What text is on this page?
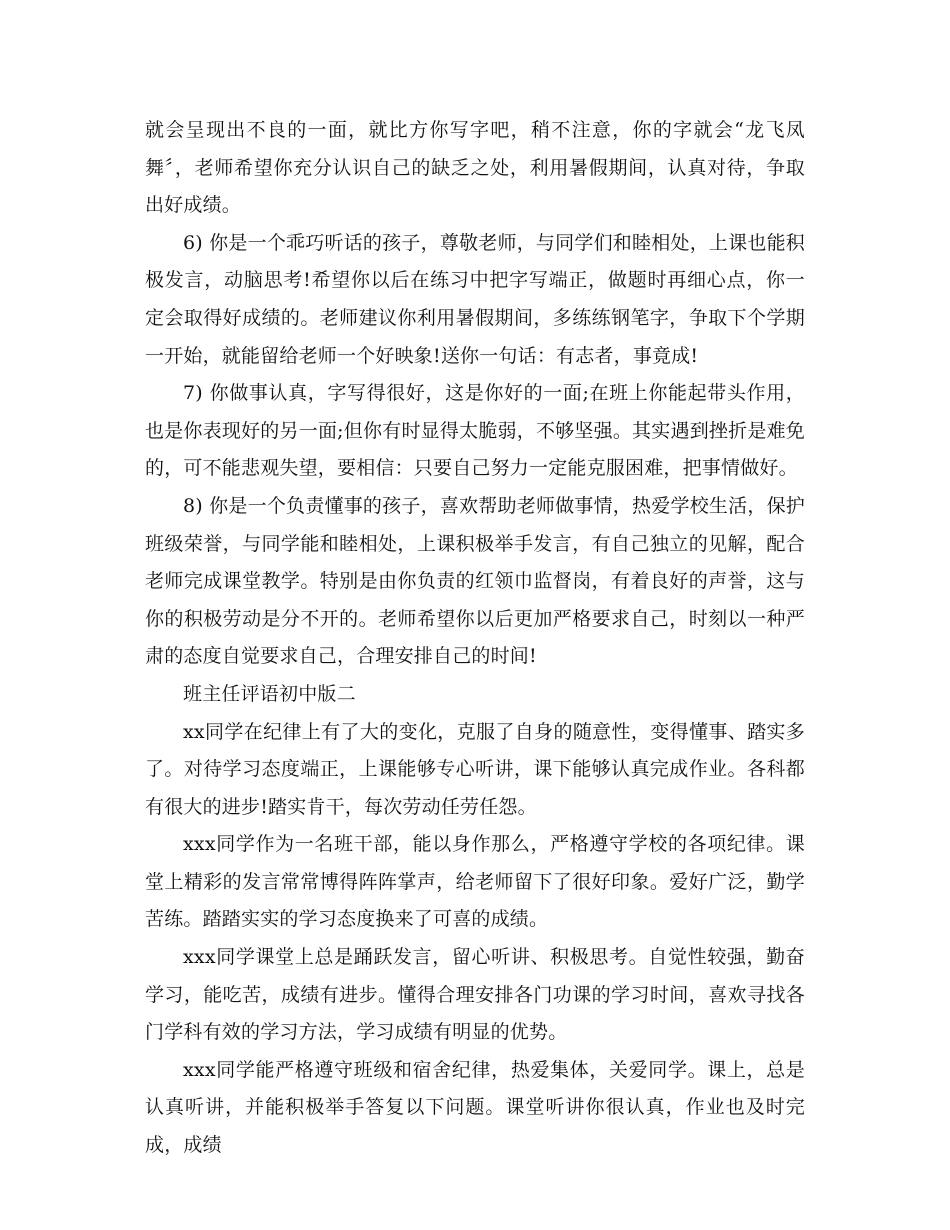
就会呈现出不良的一面，就比方你写字吧，稍不注意，你的字就会“龙飞凤舞〞，老师希望你充分认识自己的缺乏之处，利用暑假期间，认真对待，争取出好成绩。

6) 你是一个乖巧听话的孩子，尊敬老师，与同学们和睦相处，上课也能积极发言，动脑思考!希望你以后在练习中把字写端正，做题时再细心点，你一定会取得好成绩的。老师建议你利用暑假期间，多练练钢笔字，争取下个学期一开始，就能留给老师一个好映象!送你一句话：有志者，事竟成!

7) 你做事认真，字写得很好，这是你好的一面;在班上你能起带头作用，也是你表现好的另一面;但你有时显得太脆弱，不够坚强。其实遇到挫折是难免的，可不能悲观失望，要相信：只要自己努力一定能克服困难，把事情做好。

8) 你是一个负责懂事的孩子，喜欢帮助老师做事情，热爱学校生活，保护班级荣誉，与同学能和睦相处，上课积极举手发言，有自己独立的见解，配合老师完成课堂教学。特别是由你负责的红领巾监督岗，有着良好的声誉，这与你的积极劳动是分不开的。老师希望你以后更加严格要求自己，时刻以一种严肃的态度自觉要求自己，合理安排自己的时间!

班主任评语初中版二

xx同学在纪律上有了大的变化，克服了自身的随意性，变得懂事、踏实多了。对待学习态度端正，上课能够专心听讲，课下能够认真完成作业。各科都有很大的进步!踏实肯干，每次劳动任劳任怨。

xxx同学作为一名班干部，能以身作那么，严格遵守学校的各项纪律。课堂上精彩的发言常常博得阵阵掌声，给老师留下了很好印象。爱好广泛，勤学苦练。踏踏实实的学习态度换来了可喜的成绩。

xxx同学课堂上总是踊跃发言，留心听讲、积极思考。自觉性较强，勤奋学习，能吃苦，成绩有进步。懂得合理安排各门功课的学习时间，喜欢寻找各门学科有效的学习方法，学习成绩有明显的优势。

xxx同学能严格遵守班级和宿舍纪律，热爱集体，关爱同学。课上，总是认真听讲，并能积极举手答复以下问题。课堂听讲你很认真，作业也及时完成，成绩
